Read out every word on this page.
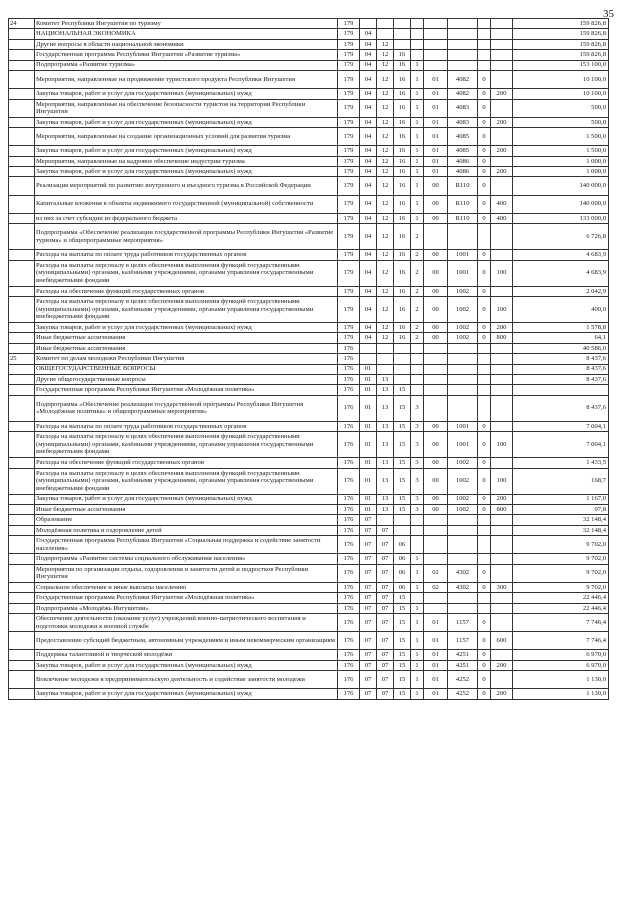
35
24	Комитет Республики Ингушетия по туризму	179									159 826,8
	НАЦИОНАЛЬНАЯ ЭКОНОМИКА	179	04								159 826,8
	Другие вопросы в области национальной экономики	179	04	12							159 826,8
	Государственная программа Республики Ингушетия «Развитие туризма»	179	04	12	16						159 826,8
	Подпрограмма «Развитие туризма»	179	04	12	16	1					153 100,0
	Мероприятия, направленные на продвижение туристского продукта Республики Ингушетия	179	04	12	16	1	01	4082	0		10 100,0
	Закупка товаров, работ и услуг для государственных (муниципальных) нужд	179	04	12	16	1	01	4082	0	200	10 100,0
	Мероприятия, направленные на обеспечение безопасности туристов на территории Республики Ингушетия	179	04	12	16	1	01	4083	0		500,0
	Закупка товаров, работ и услуг для государственных (муниципальных) нужд	179	04	12	16	1	01	4083	0	200	500,0
	Мероприятия, направленные на создание организационных условий для развития туризма	179	04	12	16	1	01	4085	0		1 500,0
	Закупка товаров, работ и услуг для государственных (муниципальных) нужд	179	04	12	16	1	01	4085	0	200	1 500,0
	Мероприятия, направленные на кадровое обеспечение индустрии туризма	179	04	12	16	1	01	4086	0		1 000,0
	Закупка товаров, работ и услуг для государственных (муниципальных) нужд	179	04	12	16	1	01	4086	0	200	1 000,0
	Реализация мероприятий по развитию внутреннего и въездного туризма в Российской Федерации	179	04	12	16	1	00	R110	0		140 000,0
	Капитальные вложения в объекты недвижимого государственной (муниципальной) собственности	179	04	12	16	1	00	R110	0	400	140 000,0
	из них за счет субсидии из федерального бюджета	179	04	12	16	1	00	R110	0	400	133 000,0
	Подпрограмма «Обеспечение реализации государственной программы Республики Ингушетия «Развитие туризма» и общепрограммные мероприятия»	179	04	12	16	2					6 726,8
	Расходы на выплаты по оплате труда работников государственных органов	179	04	12	16	2	00	1001	0		4 683,9
	Расходы на выплаты персоналу в целях обеспечения выполнения функций государственными (муниципальными) органами, казёнными учреждениями, органами управления государственными внебюджетными фондами	179	04	12	16	2	00	1001	0	100	4 683,9
	Расходы на обеспечение функций государственных органов	179	04	12	16	2	00	1002	0		2 042,9
	Расходы на выплаты персоналу в целях обеспечения выполнения функций государственными (муниципальными) органами, казёнными учреждениями, органами управления государственными внебюджетными фондами	179	04	12	16	2	00	1002	0	100	400,0
	Закупка товаров, работ и услуг для государственных (муниципальных) нужд	179	04	12	16	2	00	1002	0	200	1 578,8
	Иные бюджетные ассигнования	179	04	12	16	2	00	1002	0	800	64,1
	Иные бюджетные ассигнования	176									40 586,0
25	Комитет по делам молодежи Республики Ингушетия	176									8 437,6
	ОБЩЕГОСУДАРСТВЕННЫЕ ВОПРОСЫ	176	01								8 437,6
	Другие общегосударственные вопросы	176	01	13							8 437,6
	Государственная программа Республики Ингушетия «Молодёжная политика»	176	01	13	15						
	Подпрограмма «Обеспечение реализации государственной программы Республики Ингушетия «Молодёжная политика» и общепрограммные мероприятия»	176	01	13	15	3					8 437,6
	Расходы на выплаты по оплате труда работников государственных органов	176	01	13	15	3	00	1001	0		7 004,1
	Расходы на выплаты персоналу в целях обеспечения выполнения функций государственными (муниципальными) органами, казёнными учреждениями, органами управления государственными внебюджетными фондами	176	01	13	15	3	00	1001	0	100	7 004,1
	Расходы на обеспечение функций государственных органов	176	01	13	15	3	00	1002	0		1 433,5
	Расходы на выплаты персоналу в целях обеспечения выполнения функций государственными (муниципальными) органами, казёнными учреждениями, органами управления государственными внебюджетными фондами	176	01	13	15	3	00	1002	0	100	168,7
	Закупка товаров, работ и услуг для государственных (муниципальных) нужд	176	01	13	15	3	00	1002	0	200	1 167,0
	Иные бюджетные ассигнования	176	01	13	15	3	00	1002	0	800	97,8
	Образование	176	07								32 148,4
	Молодёжная политика и оздоровление детей	176	07	07							32 148,4
	Государственная программа Республики Ингушетия «Социальная поддержка и содействие занятости населения»	176	07	07	06						9 702,0
	Подпрограмма «Развитие системы социального обслуживания населения»	176	07	07	06	1					9 702,0
	Мероприятия по организации отдыха, оздоровления и занятости детей и подростков Республики Ингушетия	176	07	07	06	1	02	4302	0		9 702,0
	Социальное обеспечение и иные выплаты населению	176	07	07	06	1	02	4302	0	300	9 702,0
	Государственная программа Республики Ингушетия «Молодёжная политика»	176	07	07	15						22 446,4
	Подпрограмма «Молодёжь Ингушетии»	176	07	07	15	1					22 446,4
	Обеспечение деятельности (оказание услуг) учреждений военно-патриотического воспитания и подготовки молодежи к военной службе	176	07	07	15	1	01	1157	0		7 746,4
	Предоставление субсидий бюджетным, автономным учреждениям и иным некоммерческим организациям	176	07	07	15	1	01	1157	0	600	7 746,4
	Поддержка талантливой и творческой молодёжи	176	07	07	15	1	01	4251	0		6 970,0
	Закупка товаров, работ и услуг для государственных (муниципальных) нужд	176	07	07	15	1	01	4251	0	200	6 970,0
	Вовлечение молодежи в предпринимательскую деятельность и содействие занятости молодежи	176	07	07	15	1	01	4252	0		1 130,0
	Закупка товаров, работ и услуг для государственных (муниципальных) нужд	176	07	07	15	1	01	4252	0	200	1 130,0
